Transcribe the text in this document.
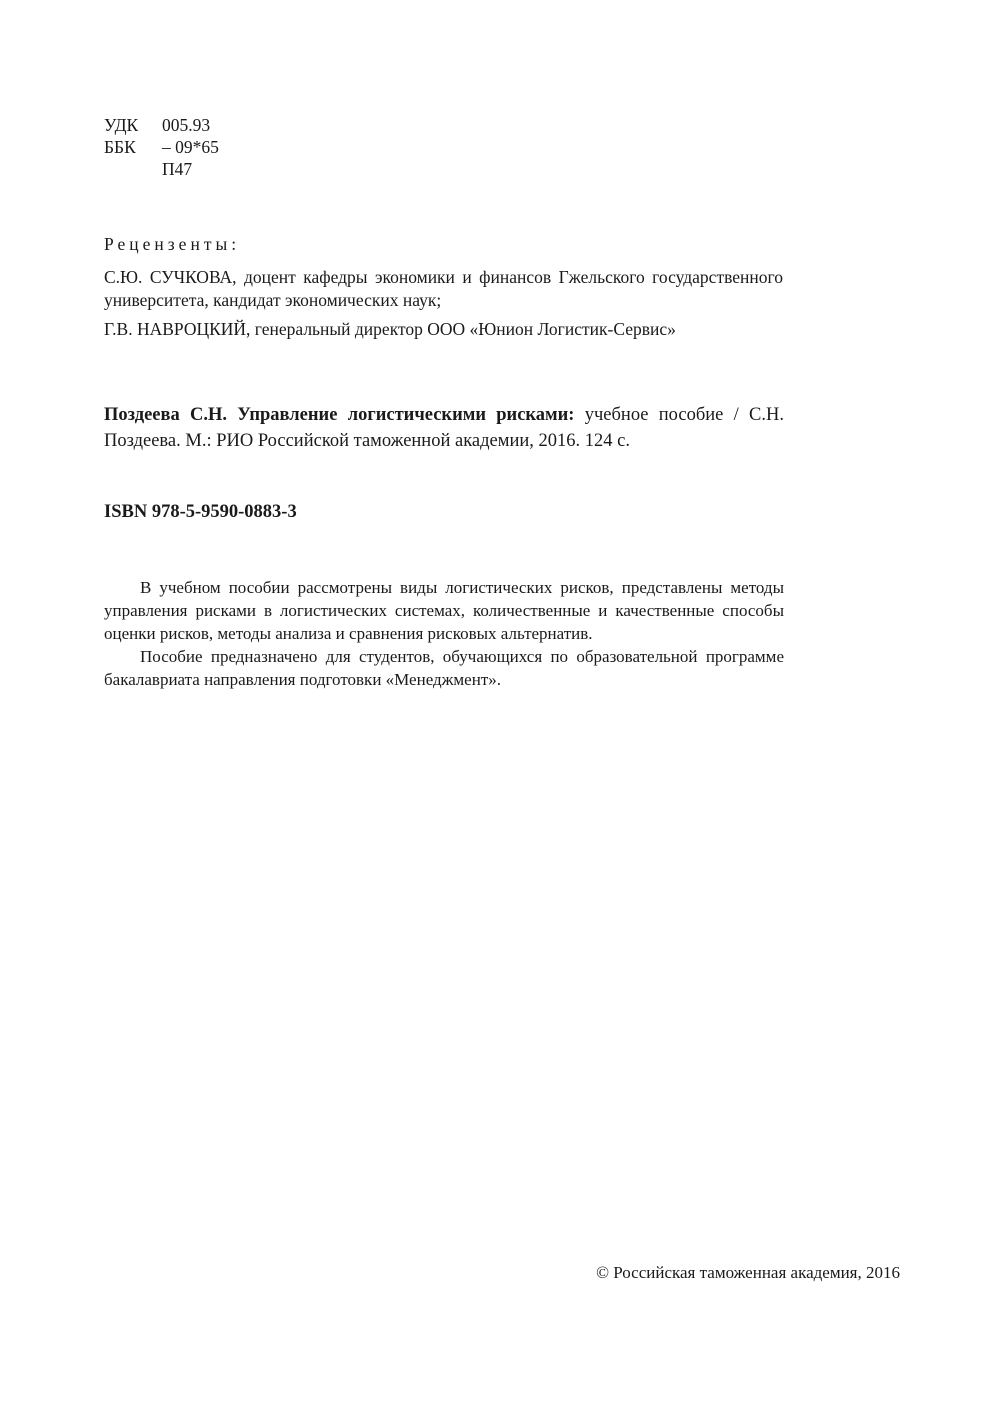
УДК	005.93
ББК	– 09*65
П47
Рецензенты:
С.Ю. СУЧКОВА, доцент кафедры экономики и финансов Гжельского государственного университета, кандидат экономических наук;
Г.В. НАВРОЦКИЙ, генеральный директор ООО «Юнион Логистик-Сервис»
Поздеева С.Н. Управление логистическими рисками: учебное пособие / С.Н. Поздеева. М.: РИО Российской таможенной академии, 2016. 124 с.
ISBN 978-5-9590-0883-3

В учебном пособии рассмотрены виды логистических рисков, представлены методы управления рисками в логистических системах, количественные и качественные способы оценки рисков, методы анализа и сравнения рисковых альтернатив.

Пособие предназначено для студентов, обучающихся по образовательной программе бакалавриата направления подготовки «Менеджмент».

© Российская таможенная академия, 2016
